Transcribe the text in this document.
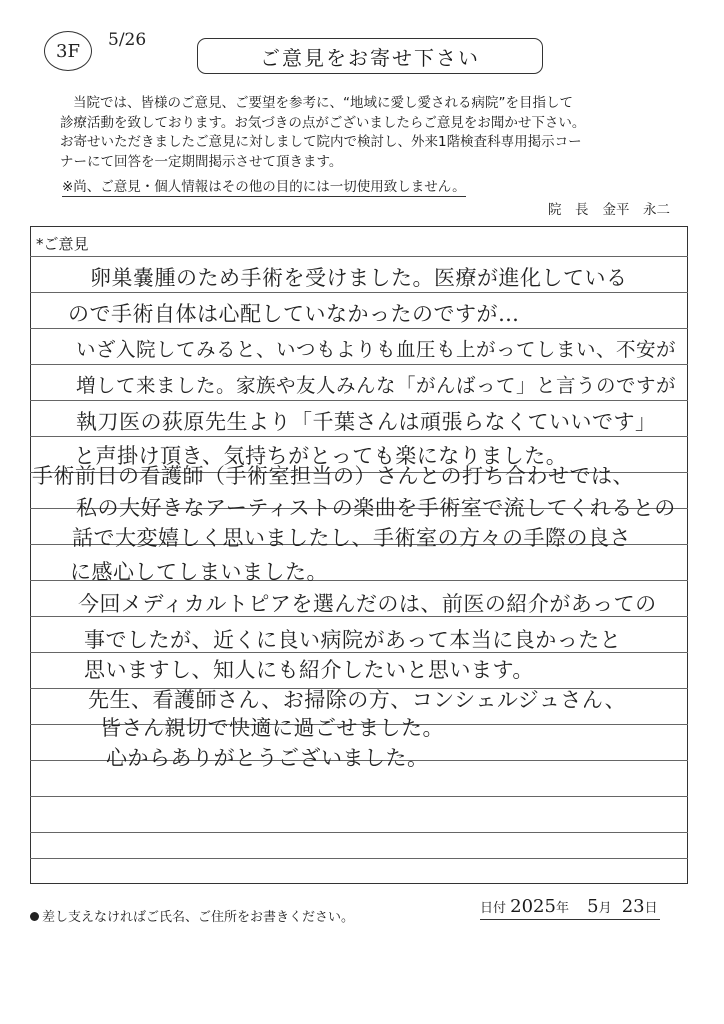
3F
5/26
ご意見をお寄せ下さい

当院では、皆様のご意見、ご要望を参考に、“地域に愛し愛される病院”を目指して

診療活動を致しております。お気づきの点がございましたらご意見をお聞かせ下さい。

お寄せいただきましたご意見に対しまして院内で検討し、外来1階検査科専用掲示コー

ナーにて回答を一定期間掲示させて頂きます。

※尚、ご意見・個人情報はその他の目的には一切使用致しません。
院　長 金平　永二
*ご意見
卵巣嚢腫のため手術を受けました。医療が進化している
ので手術自体は心配していなかったのですが…
いざ入院してみると、いつもよりも血圧も上がってしまい、不安が
増して来ました。家族や友人みんな「がんばって」と言うのですが
執刀医の荻原先生より「千葉さんは頑張らなくていいです」
と声掛け頂き、気持ちがとっても楽になりました。
手術前日の看護師（手術室担当の）さんとの打ち合わせでは、
私の大好きなアーティストの楽曲を手術室で流してくれるとの
話で大変嬉しく思いましたし、手術室の方々の手際の良さ
に感心してしまいました。
今回メディカルトピアを選んだのは、前医の紹介があっての
事でしたが、近くに良い病院があって本当に良かったと
思いますし、知人にも紹介したいと思います。
先生、看護師さん、お掃除の方、コンシェルジュさん、
皆さん親切で快適に過ごせました。
心からありがとうございました。
差し支えなければご氏名、ご住所をお書きください。
日付 2025年 5月 23日
